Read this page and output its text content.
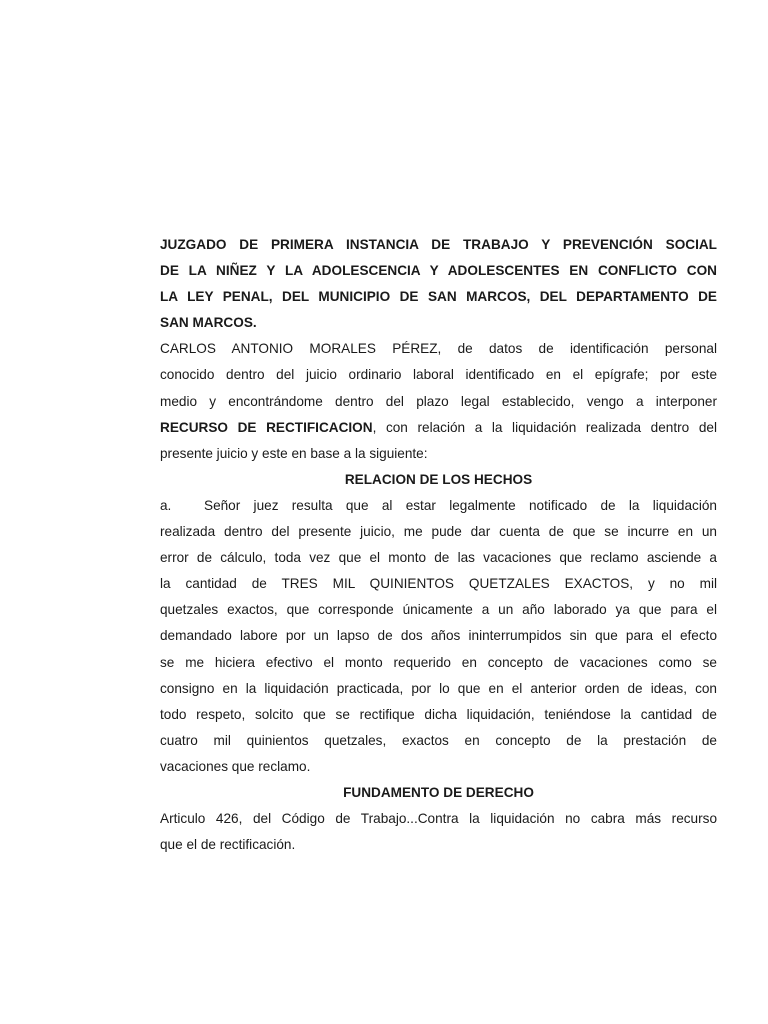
JUZGADO DE PRIMERA INSTANCIA DE TRABAJO Y PREVENCIÓN SOCIAL
DE LA NIÑEZ Y LA ADOLESCENCIA Y ADOLESCENTES EN CONFLICTO CON
LA LEY PENAL, DEL MUNICIPIO DE SAN MARCOS, DEL DEPARTAMENTO DE
SAN MARCOS.
CARLOS ANTONIO MORALES PÉREZ, de datos de identificación personal
conocido dentro del juicio ordinario laboral identificado en el epígrafe; por este
medio y encontrándome dentro del plazo legal establecido, vengo a interponer
RECURSO DE RECTIFICACION, con relación a la liquidación realizada dentro del
presente juicio y este en base a la siguiente:
RELACION DE LOS HECHOS
a. Señor juez resulta que al estar legalmente notificado de la liquidación
realizada dentro del presente juicio, me pude dar cuenta de que se incurre en un
error de cálculo, toda vez que el monto de las vacaciones que reclamo asciende a
la cantidad de TRES MIL QUINIENTOS QUETZALES EXACTOS, y no mil
quetzales exactos, que corresponde únicamente a un año laborado ya que para el
demandado labore por un lapso de dos años ininterrumpidos sin que para el efecto
se me hiciera efectivo el monto requerido en concepto de vacaciones como se
consigno en la liquidación practicada, por lo que en el anterior orden de ideas, con
todo respeto, solcito que se rectifique dicha liquidación, teniéndose la cantidad de
cuatro mil quinientos quetzales, exactos en concepto de la prestación de
vacaciones que reclamo.
FUNDAMENTO DE DERECHO
Articulo 426, del Código de Trabajo...Contra la liquidación no cabra más recurso
que el de rectificación.
